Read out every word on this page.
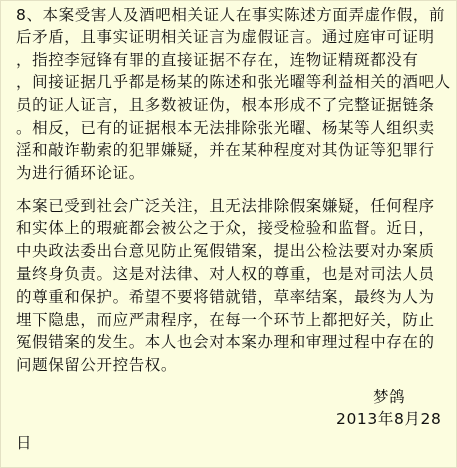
8、本案受害人及酒吧相关证人在事实陈述方面弄虚作假，前
后矛盾，且事实证明相关证言为虚假证言。通过庭审可证明
，指控李冠锋有罪的直接证据不存在，连物证精斑都没有
，间接证据几乎都是杨某的陈述和张光曜等利益相关的酒吧人
员的证人证言，且多数被证伪，根本形成不了完整证据链条
。相反，已有的证据根本无法排除张光曜、杨某等人组织卖
淫和敲诈勒索的犯罪嫌疑，并在某种程度对其伪证等犯罪行
为进行循环论证。
本案已受到社会广泛关注，且无法排除假案嫌疑，任何程序
和实体上的瑕疵都会被公之于众，接受检验和监督。近日，
中央政法委出台意见防止冤假错案，提出公检法要对办案质
量终身负责。这是对法律、对人权的尊重，也是对司法人员
的尊重和保护。希望不要将错就错，草率结案，最终为人为
埋下隐患，而应严肃程序，在每一个环节上都把好关，防止
冤假错案的发生。本人也会对本案办理和审理过程中存在的
问题保留公开控告权。
梦鸽
2013年8月28
日
